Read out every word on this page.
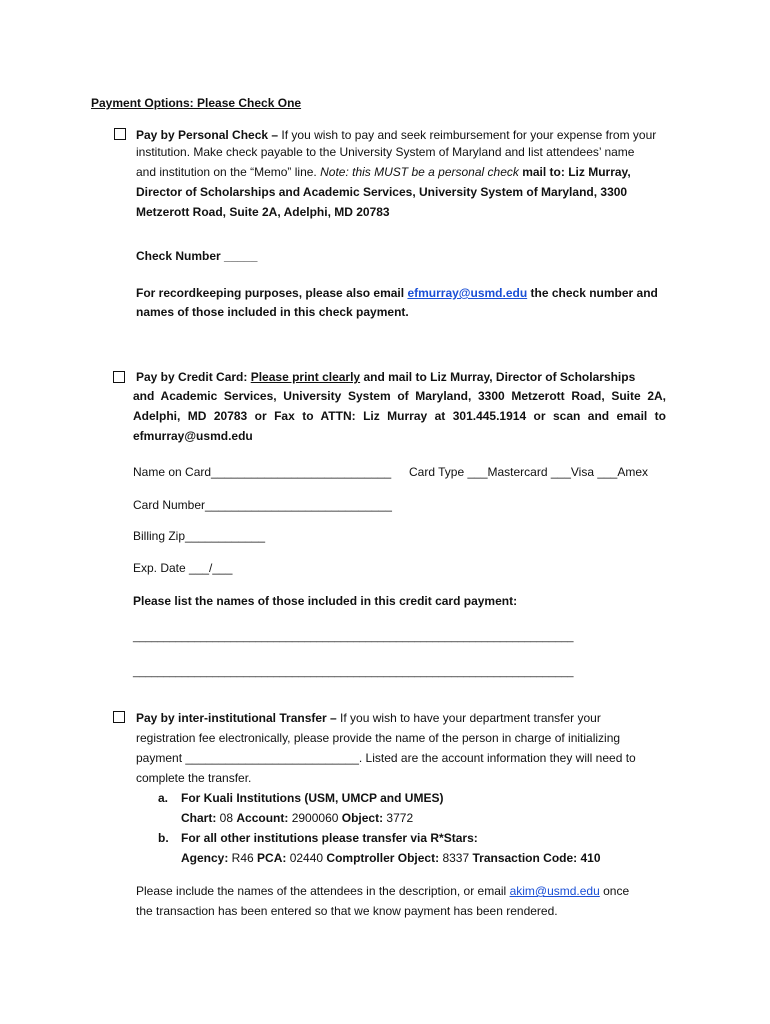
Payment Options: Please Check One
Pay by Personal Check – If you wish to pay and seek reimbursement for your expense from your
institution. Make check payable to the University System of Maryland and list attendees’ name
and institution on the “Memo” line. Note: this MUST be a personal check mail to: Liz Murray,
Director of Scholarships and Academic Services, University System of Maryland, 3300
Metzerott Road, Suite 2A, Adelphi, MD 20783
Check Number _____
For recordkeeping purposes, please also email efmurray@usmd.edu the check number and
names of those included in this check payment.
Pay by Credit Card: Please print clearly and mail to Liz Murray, Director of Scholarships
and Academic Services, University System of Maryland, 3300 Metzerott Road, Suite 2A,
Adelphi, MD 20783 or Fax to ATTN: Liz Murray at 301.445.1914 or scan and email to
efmurray@usmd.edu
Name on Card___________________________ Card Type ___Mastercard ___Visa ___Amex
Card Number____________________________
Billing Zip____________
Exp. Date ___/___
Please list the names of those included in this credit card payment:
________________________________________________________________________
________________________________________________________________________
Pay by inter-institutional Transfer – If you wish to have your department transfer your
registration fee electronically, please provide the name of the person in charge of initializing
payment __________________________. Listed are the account information they will need to
complete the transfer.
a. For Kuali Institutions (USM, UMCP and UMES)
Chart: 08 Account: 2900060 Object: 3772
b. For all other institutions please transfer via R*Stars:
Agency: R46 PCA: 02440 Comptroller Object: 8337 Transaction Code: 410
Please include the names of the attendees in the description, or email akim@usmd.edu once
the transaction has been entered so that we know payment has been rendered.
